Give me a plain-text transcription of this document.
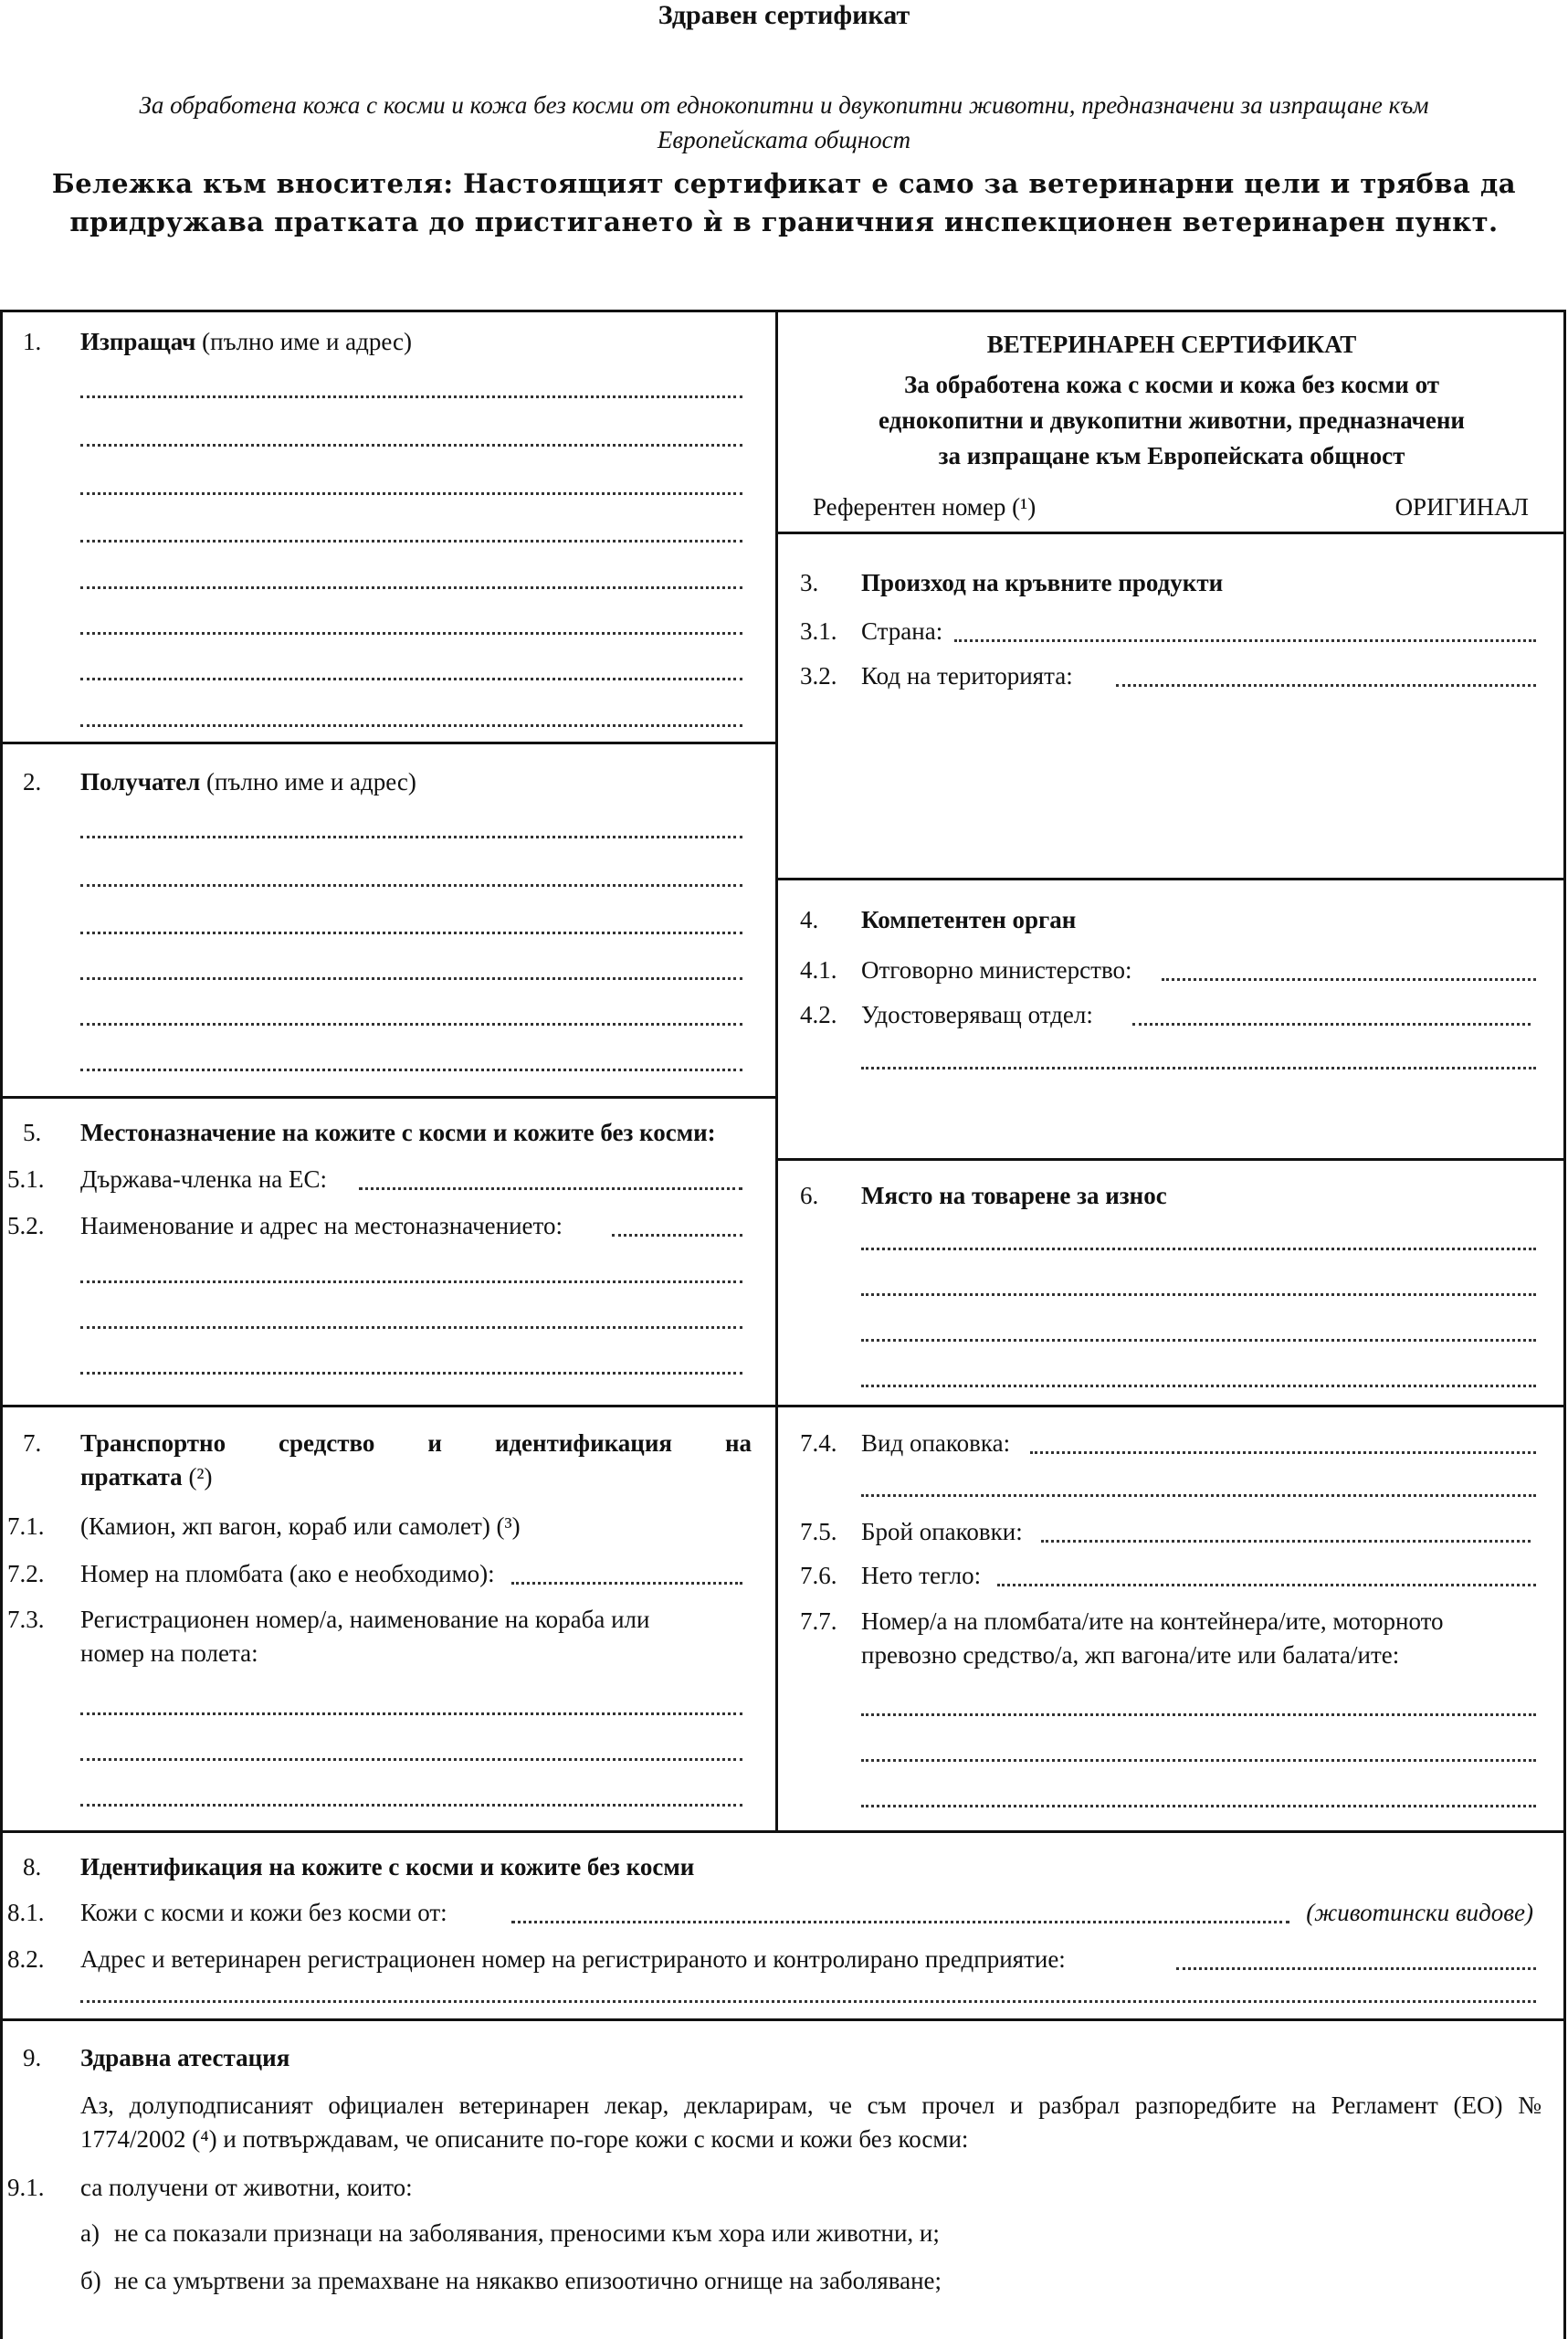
Здравен сертификат
За обработена кожа с косми и кожа без косми от еднокопитни и двукопитни животни, предназначени за изпращане към Европейската общност
Бележка към вносителя: Настоящият сертификат е само за ветеринарни цели и трябва да придружава пратката до пристигането ѝ в граничния инспекционен ветеринарен пункт.
1. Изпращач (пълно име и адрес)	ВЕТЕРИНАРЕН СЕРТИФИКАТ
За обработена кожа с косми и кожа без косми от
еднокопитни и двукопитни животни, предназначени
за изпращане към Европейската общност
Референтен номер (¹)	ОРИГИНАЛ
3. Произход на кръвните продукти
3.1. Страна:
3.2. Код на територията:
2. Получател (пълно име и адрес)
4. Компетентен орган
4.1. Отговорно министерство:
4.2. Удостоверяващ отдел:
5. Местоназначение на кожите с косми и кожите без косми:
5.1. Държава-членка на ЕС:
5.2. Наименование и адрес на местоназначението:
6. Място на товарене за износ
7. Транспортно средство и идентификация на
пратката (²)
7.1. (Камион, жп вагон, кораб или самолет) (³)
7.2. Номер на пломбата (ако е необходимо):
7.3. Регистрационен номер/а, наименование на кораба или
номер на полета:
7.4. Вид опаковка:
7.5. Брой опаковки:
7.6. Нето тегло:
7.7. Номер/а на пломбата/ите на контейнера/ите, моторното
превозно средство/а, жп вагона/ите или балата/ите:
8. Идентификация на кожите с косми и кожите без косми
8.1. Кожи с косми и кожи без косми от:	(животински видове)
8.2. Адрес и ветеринарен регистрационен номер на регистрираното и контролирано предприятие:
9. Здравна атестация
Аз, долуподписаният официален ветеринарен лекар, декларирам, че съм прочел и разбрал разпоредбите на Регламент (ЕО) №
1774/2002 (⁴) и потвърждавам, че описаните по-горе кожи с косми и кожи без косми:
9.1. са получени от животни, които:
а) не са показали признаци на заболявания, преносими към хора или животни, и;
б) не са умъртвени за премахване на някакво епизоотично огнище на заболяване;
